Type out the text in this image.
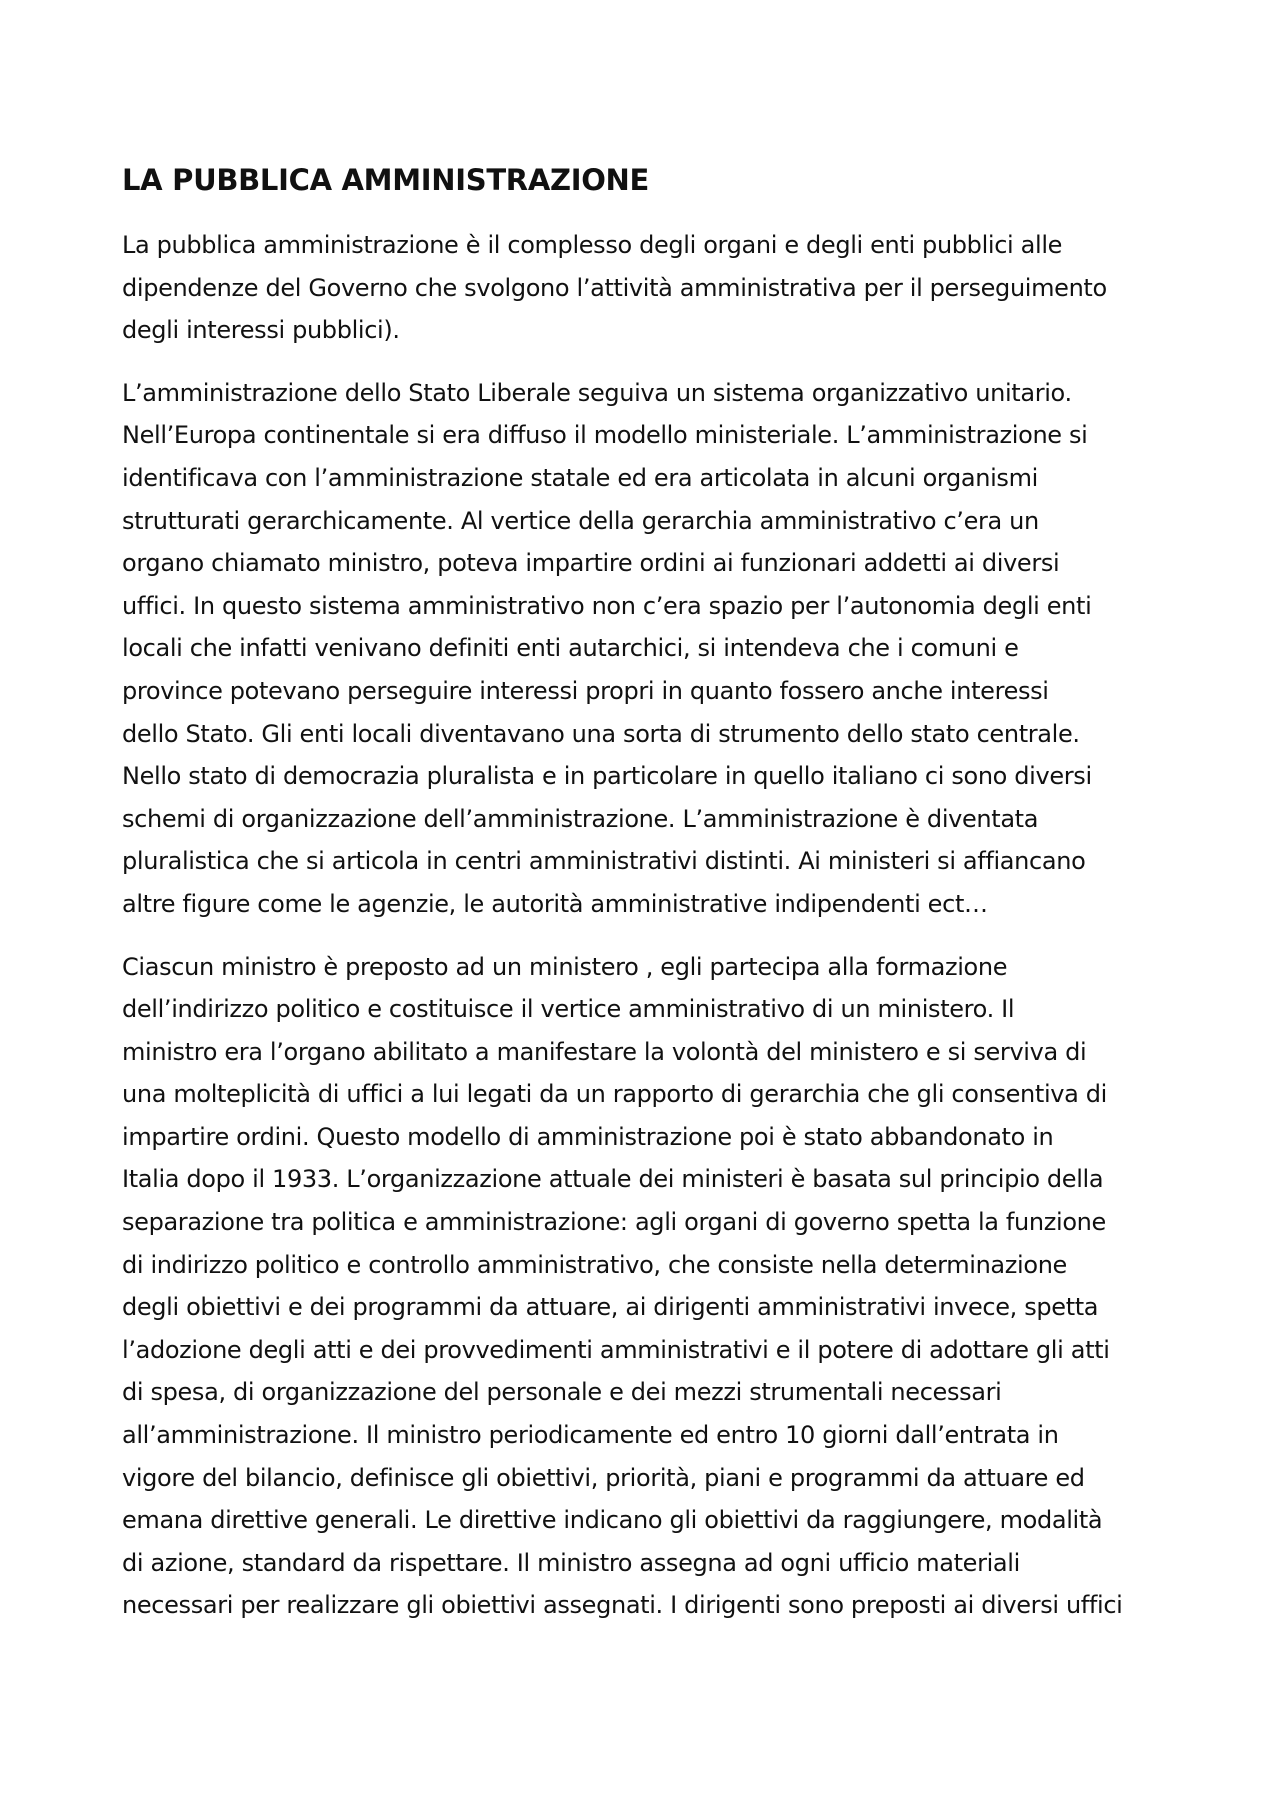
LA PUBBLICA AMMINISTRAZIONE

La pubblica amministrazione è il complesso degli organi e degli enti pubblici alle
dipendenze del Governo che svolgono l’attività amministrativa per il perseguimento
degli interessi pubblici).

L’amministrazione dello Stato Liberale seguiva un sistema organizzativo unitario.
Nell’Europa continentale si era diffuso il modello ministeriale. L’amministrazione si
identificava con l’amministrazione statale ed era articolata in alcuni organismi
strutturati gerarchicamente. Al vertice della gerarchia amministrativo c’era un
organo chiamato ministro, poteva impartire ordini ai funzionari addetti ai diversi
uffici. In questo sistema amministrativo non c’era spazio per l’autonomia degli enti
locali che infatti venivano definiti enti autarchici, si intendeva che i comuni e
province potevano perseguire interessi propri in quanto fossero anche interessi
dello Stato. Gli enti locali diventavano una sorta di strumento dello stato centrale.
Nello stato di democrazia pluralista e in particolare in quello italiano ci sono diversi
schemi di organizzazione dell’amministrazione. L’amministrazione è diventata
pluralistica che si articola in centri amministrativi distinti. Ai ministeri si affiancano
altre figure come le agenzie, le autorità amministrative indipendenti ect…

Ciascun ministro è preposto ad un ministero , egli partecipa alla formazione
dell’indirizzo politico e costituisce il vertice amministrativo di un ministero. Il
ministro era l’organo abilitato a manifestare la volontà del ministero e si serviva di
una molteplicità di uffici a lui legati da un rapporto di gerarchia che gli consentiva di
impartire ordini. Questo modello di amministrazione poi è stato abbandonato in
Italia dopo il 1933. L’organizzazione attuale dei ministeri è basata sul principio della
separazione tra politica e amministrazione: agli organi di governo spetta la funzione
di indirizzo politico e controllo amministrativo, che consiste nella determinazione
degli obiettivi e dei programmi da attuare, ai dirigenti amministrativi invece, spetta
l’adozione degli atti e dei provvedimenti amministrativi e il potere di adottare gli atti
di spesa, di organizzazione del personale e dei mezzi strumentali necessari
all’amministrazione. Il ministro periodicamente ed entro 10 giorni dall’entrata in
vigore del bilancio, definisce gli obiettivi, priorità, piani e programmi da attuare ed
emana direttive generali. Le direttive indicano gli obiettivi da raggiungere, modalità
di azione, standard da rispettare. Il ministro assegna ad ogni ufficio materiali
necessari per realizzare gli obiettivi assegnati. I dirigenti sono preposti ai diversi uffici
